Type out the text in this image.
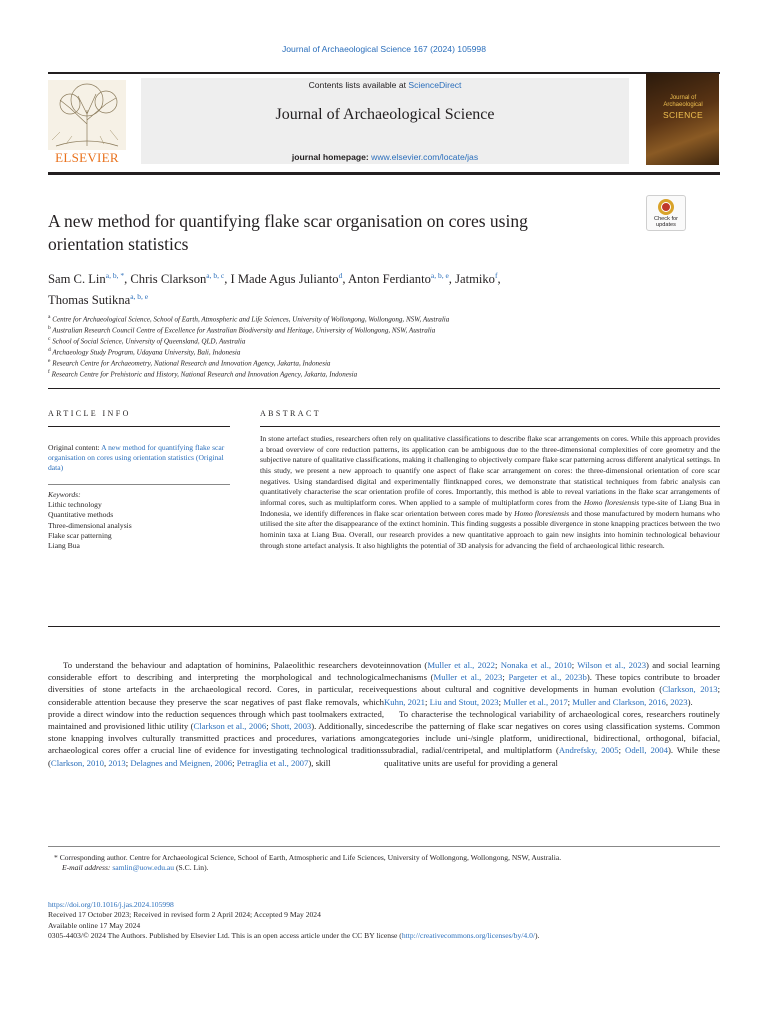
Journal of Archaeological Science 167 (2024) 105998
ELSEVIER
Contents lists available at ScienceDirect
Journal of Archaeological Science
journal homepage: www.elsevier.com/locate/jas
Journal of
Archaeological
SCIENCE
Check for
updates
A new method for quantifying flake scar organisation on cores using
orientation statistics
Sam C. Lin$^{a, b, *}$, Chris Clarkson$^{a, b, c}$, I Made Agus Julianto$^d$, Anton Ferdianto$^{a, b, e}$, Jatmiko$^f$,
Thomas Sutikna$^{a, b, e}$
$^a$ Centre for Archaeological Science, School of Earth, Atmospheric and Life Sciences, University of Wollongong, Wollongong, NSW, Australia
$^b$ Australian Research Council Centre of Excellence for Australian Biodiversity and Heritage, University of Wollongong, NSW, Australia
$^c$ School of Social Science, University of Queensland, QLD, Australia
$^d$ Archaeology Study Program, Udayana University, Bali, Indonesia
$^e$ Research Centre for Archaeometry, National Research and Innovation Agency, Jakarta, Indonesia
$^f$ Research Centre for Prehistoric and History, National Research and Innovation Agency, Jakarta, Indonesia
ARTICLE INFO
Original content: A new method for quantifying flake scar organisation on cores using orientation statistics (Original data)
Keywords:
Lithic technology
Quantitative methods
Three-dimensional analysis
Flake scar patterning
Liang Bua
ABSTRACT
In stone artefact studies, researchers often rely on qualitative classifications to describe flake scar arrangements on cores. While this approach provides a broad overview of core reduction patterns, its application can be ambiguous due to the three-dimensional complexities of core geometry and the subjective nature of qualitative classifications, making it challenging to objectively compare flake scar patterning across different analytical settings. In this study, we present a new approach to quantify one aspect of flake scar arrangement on cores: the three-dimensional orientation of core scar negatives. Using standardised digital and experimentally flintknapped cores, we demonstrate that statistical techniques from fabric analysis can quantitatively characterise the scar orientation profile of cores. Importantly, this method is able to reveal variations in the flake scar arrangements of informal cores, such as multiplatform cores. When applied to a sample of multiplatform cores from the Homo floresiensis type-site of Liang Bua in Indonesia, we identify differences in flake scar orientation between cores made by Homo floresiensis and those manufactured by modern humans who utilised the site after the disappearance of the extinct hominin. This finding suggests a possible divergence in stone knapping practices between the two hominin taxa at Liang Bua. Overall, our research provides a new quantitative approach to gain new insights into hominin technological behaviour through stone artefact analysis. It also highlights the potential of 3D analysis for advancing the field of archaeological lithic research.

To understand the behaviour and adaptation of hominins, Palaeolithic researchers devote considerable effort to describing and interpreting the morphological and technological diversities of stone artefacts in the archaeological record. Cores, in particular, receive considerable attention because they preserve the scar negatives of past flake removals, which provide a direct window into the reduction sequences through which past toolmakers extracted, maintained and provisioned lithic utility (Clarkson et al., 2006; Shott, 2003). Additionally, since stone knapping involves culturally transmitted practices and procedures, variations among archaeological cores offer a crucial line of evidence for investigating technological traditions (Clarkson, 2010, 2013; Delagnes and Meignen, 2006; Petraglia et al., 2007), skill

innovation (Muller et al., 2022; Nonaka et al., 2010; Wilson et al., 2023) and social learning mechanisms (Muller et al., 2023; Pargeter et al., 2023b). These topics contribute to broader questions about cultural and cognitive developments in human evolution (Clarkson, 2013; Kuhn, 2021; Liu and Stout, 2023; Muller et al., 2017; Muller and Clarkson, 2016, 2023).

To characterise the technological variability of archaeological cores, researchers routinely describe the patterning of flake scar negatives on cores using classification systems. Common categories include uni-/single platform, unidirectional, bidirectional, orthogonal, bifacial, subradial, radial/centripetal, and multiplatform (Andrefsky, 2005; Odell, 2004). While these qualitative units are useful for providing a general

* Corresponding author. Centre for Archaeological Science, School of Earth, Atmospheric and Life Sciences, University of Wollongong, Wollongong, NSW, Australia.
E-mail address: samlin@uow.edu.au (S.C. Lin).
https://doi.org/10.1016/j.jas.2024.105998
Received 17 October 2023; Received in revised form 2 April 2024; Accepted 9 May 2024
Available online 17 May 2024
0305-4403/© 2024 The Authors. Published by Elsevier Ltd. This is an open access article under the CC BY license (http://creativecommons.org/licenses/by/4.0/).
